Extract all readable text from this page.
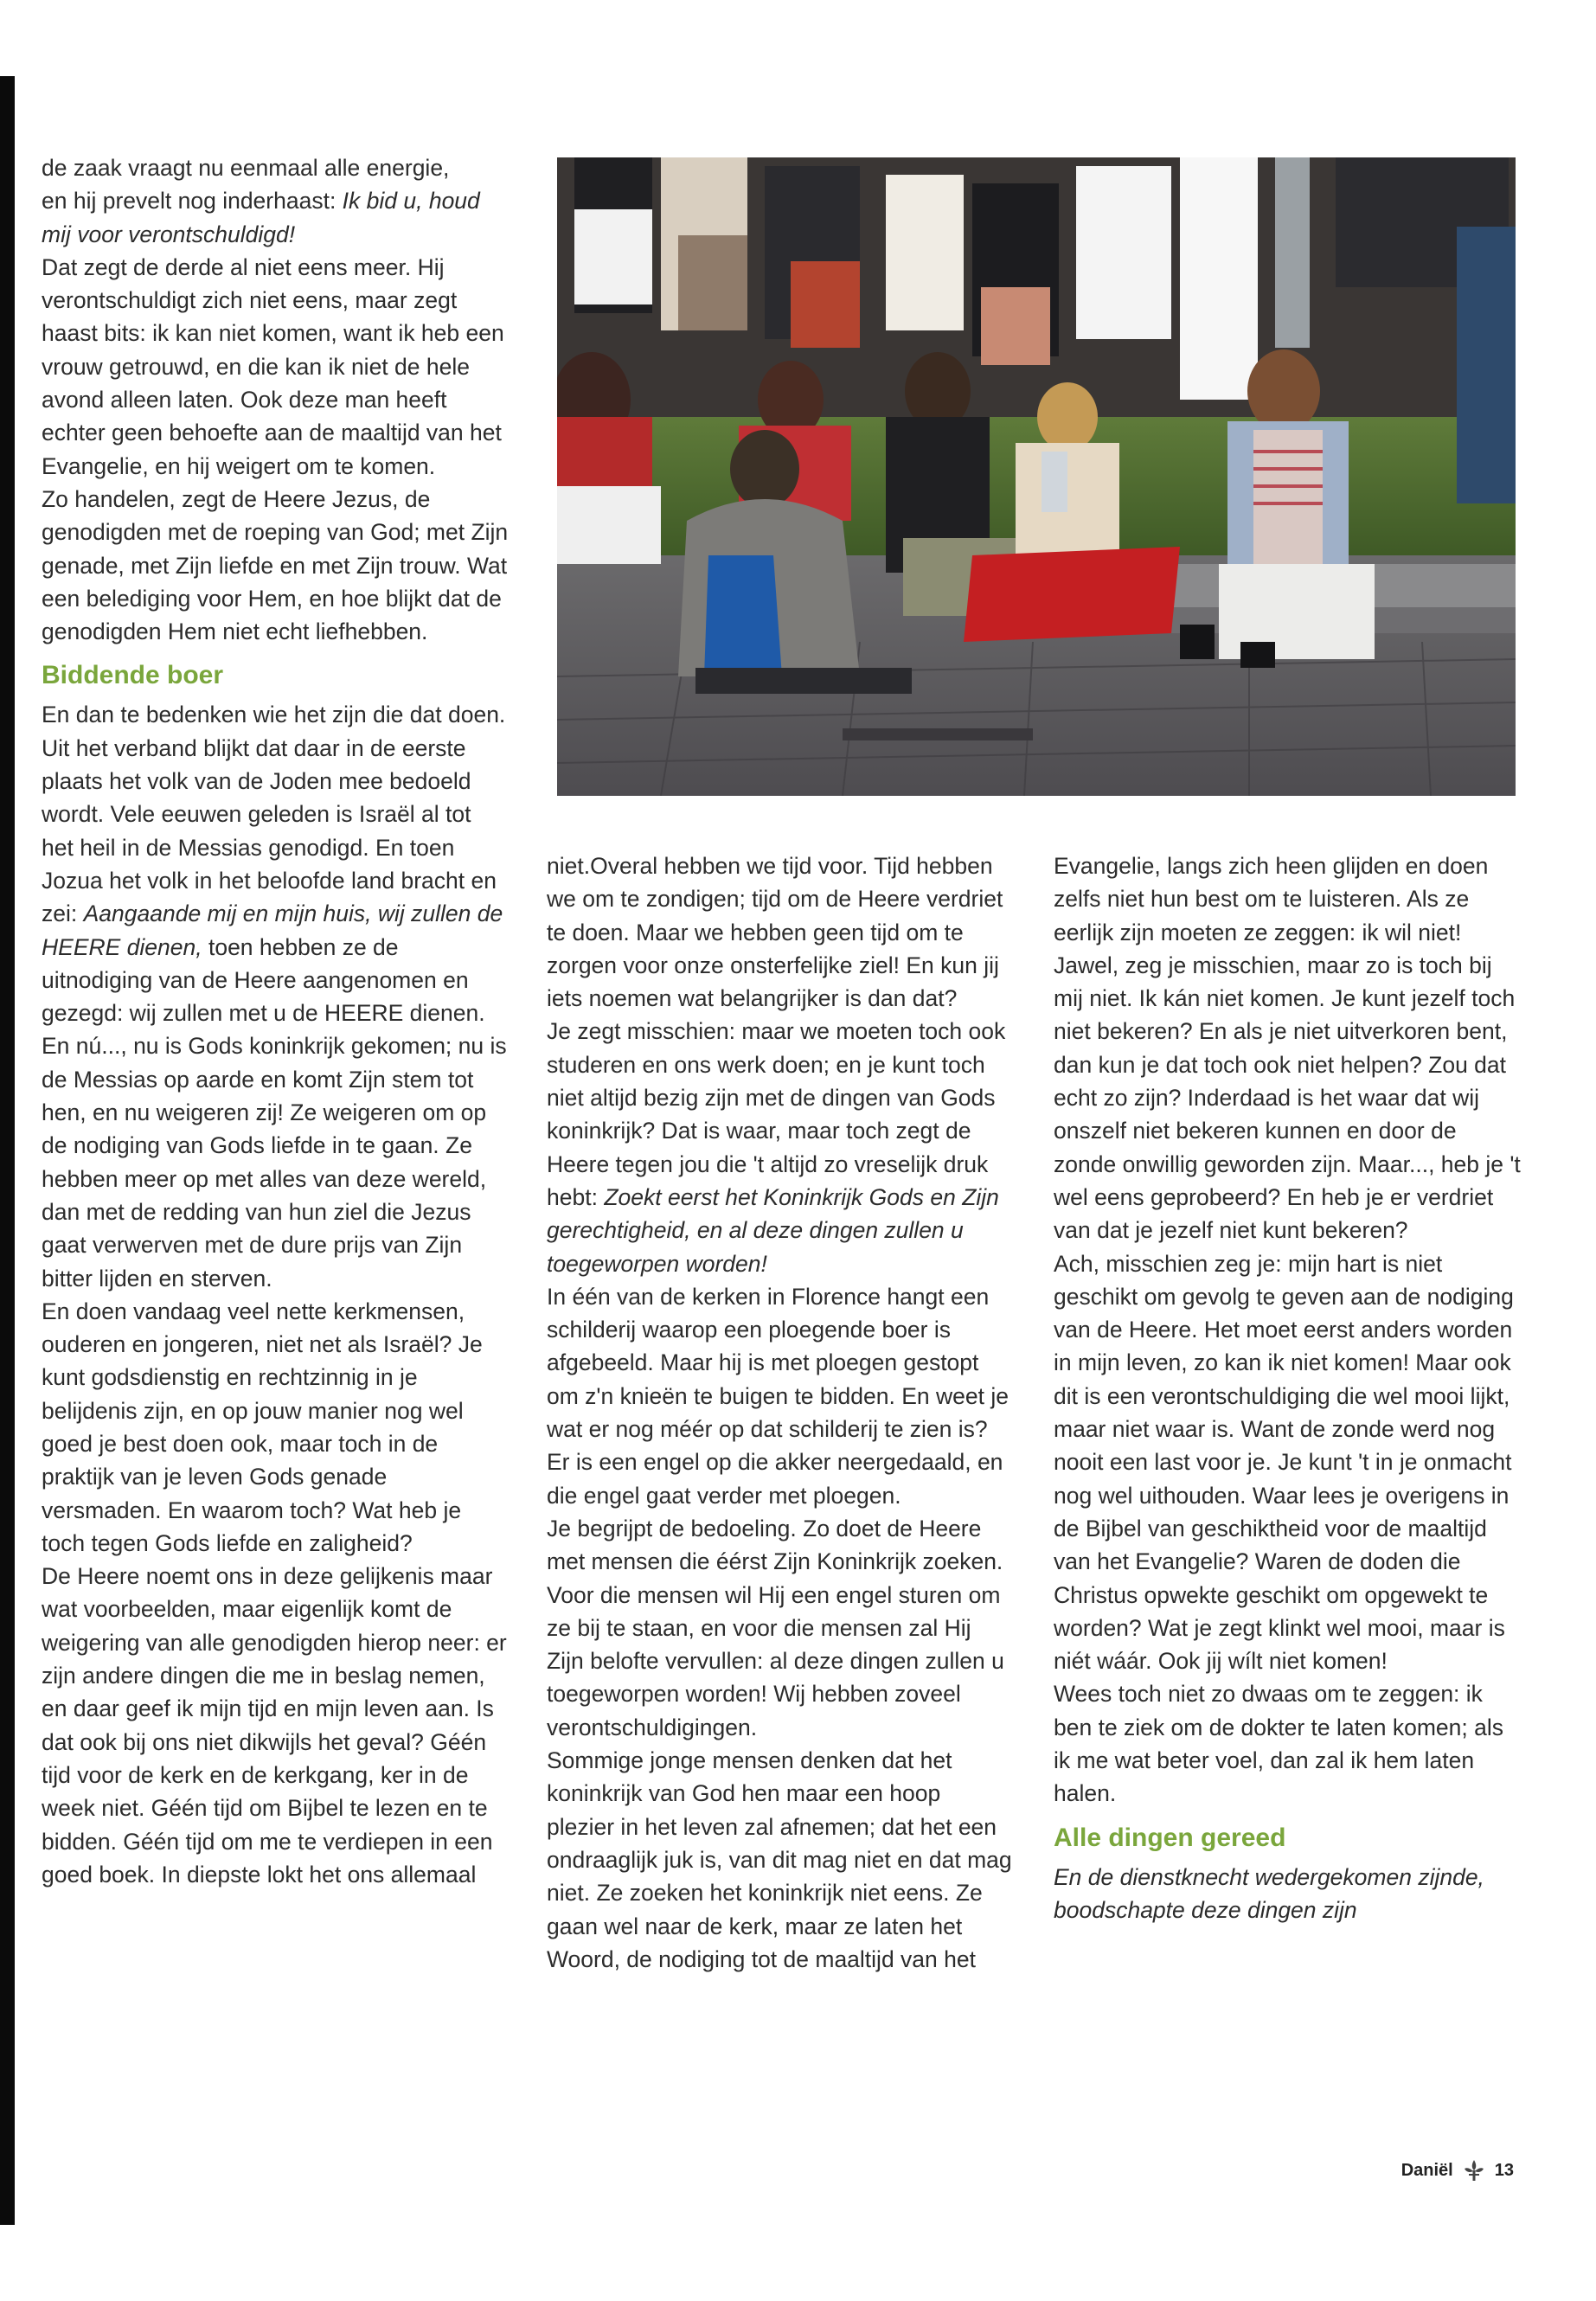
de zaak vraagt nu eenmaal alle energie,
en hij prevelt nog inderhaast: Ik bid u, houd mij voor verontschuldigd!

Dat zegt de derde al niet eens meer. Hij verontschuldigt zich niet eens, maar zegt haast bits: ik kan niet komen, want ik heb een vrouw getrouwd, en die kan ik niet de hele avond alleen laten. Ook deze man heeft echter geen behoefte aan de maaltijd van het Evangelie, en hij weigert om te komen.

Zo handelen, zegt de Heere Jezus, de genodigden met de roeping van God; met Zijn genade, met Zijn liefde en met Zijn trouw. Wat een belediging voor Hem, en hoe blijkt dat de genodigden Hem niet echt liefhebben.

Biddende boer

En dan te bedenken wie het zijn die dat doen. Uit het verband blijkt dat daar in de eerste plaats het volk van de Joden mee bedoeld wordt. Vele eeuwen geleden is Israël al tot het heil in de Messias genodigd. En toen Jozua het volk in het beloofde land bracht en zei: Aangaande mij en mijn huis, wij zullen de HEERE dienen, toen hebben ze de uitnodiging van de Heere aangenomen en gezegd: wij zullen met u de HEERE dienen. En nú..., nu is Gods koninkrijk gekomen; nu is de Messias op aarde en komt Zijn stem tot hen, en nu weigeren zij! Ze weigeren om op de nodiging van Gods liefde in te gaan. Ze hebben meer op met alles van deze wereld, dan met de redding van hun ziel die Jezus gaat verwerven met de dure prijs van Zijn bitter lijden en sterven.

En doen vandaag veel nette kerkmensen, ouderen en jongeren, niet net als Israël? Je kunt godsdienstig en rechtzinnig in je belijdenis zijn, en op jouw manier nog wel goed je best doen ook, maar toch in de praktijk van je leven Gods genade versmaden. En waarom toch? Wat heb je toch tegen Gods liefde en zaligheid?

De Heere noemt ons in deze gelijkenis maar wat voorbeelden, maar eigenlijk komt de weigering van alle genodigden hierop neer: er zijn andere dingen die me in beslag nemen, en daar geef ik mijn tijd en mijn leven aan. Is dat ook bij ons niet dikwijls het geval? Géén tijd voor de kerk en de kerkgang, ker in de week niet. Géén tijd om Bijbel te lezen en te bidden. Géén tijd om me te verdiepen in een goed boek. In diepste lokt het ons allemaal

niet.Overal hebben we tijd voor. Tijd hebben we om te zondigen; tijd om de Heere verdriet te doen. Maar we hebben geen tijd om te zorgen voor onze onsterfelijke ziel! En kun jij iets noemen wat belangrijker is dan dat?

Je zegt misschien: maar we moeten toch ook studeren en ons werk doen; en je kunt toch niet altijd bezig zijn met de dingen van Gods koninkrijk? Dat is waar, maar toch zegt de Heere tegen jou die 't altijd zo vreselijk druk hebt: Zoekt eerst het Koninkrijk Gods en Zijn gerechtigheid, en al deze dingen zullen u toegeworpen worden!

In één van de kerken in Florence hangt een schilderij waarop een ploegende boer is afgebeeld. Maar hij is met ploegen gestopt om z'n knieën te buigen te bidden. En weet je wat er nog méér op dat schilderij te zien is? Er is een engel op die akker neergedaald, en die engel gaat verder met ploegen.

Je begrijpt de bedoeling. Zo doet de Heere met mensen die éérst Zijn Koninkrijk zoeken. Voor die mensen wil Hij een engel sturen om ze bij te staan, en voor die mensen zal Hij Zijn belofte vervullen: al deze dingen zullen u toegeworpen worden! Wij hebben zoveel verontschuldigingen.

Sommige jonge mensen denken dat het koninkrijk van God hen maar een hoop plezier in het leven zal afnemen; dat het een ondraaglijk juk is, van dit mag niet en dat mag niet. Ze zoeken het koninkrijk niet eens. Ze gaan wel naar de kerk, maar ze laten het Woord, de nodiging tot de maaltijd van het

Evangelie, langs zich heen glijden en doen zelfs niet hun best om te luisteren. Als ze eerlijk zijn moeten ze zeggen: ik wil niet!

Jawel, zeg je misschien, maar zo is toch bij mij niet. Ik kán niet komen. Je kunt jezelf toch niet bekeren? En als je niet uitverkoren bent, dan kun je dat toch ook niet helpen? Zou dat echt zo zijn? Inderdaad is het waar dat wij onszelf niet bekeren kunnen en door de zonde onwillig geworden zijn. Maar..., heb je 't wel eens geprobeerd? En heb je er verdriet van dat je jezelf niet kunt bekeren?

Ach, misschien zeg je: mijn hart is niet geschikt om gevolg te geven aan de nodiging van de Heere. Het moet eerst anders worden in mijn leven, zo kan ik niet komen! Maar ook dit is een verontschuldiging die wel mooi lijkt, maar niet waar is. Want de zonde werd nog nooit een last voor je. Je kunt 't in je onmacht nog wel uithouden. Waar lees je overigens in de Bijbel van geschiktheid voor de maaltijd van het Evangelie? Waren de doden die Christus opwekte geschikt om opgewekt te worden? Wat je zegt klinkt wel mooi, maar is niét wáár. Ook jij wílt niet komen!

Wees toch niet zo dwaas om te zeggen: ik ben te ziek om de dokter te laten komen; als ik me wat beter voel, dan zal ik hem laten halen.

Alle dingen gereed

En de dienstknecht wedergekomen zijnde, boodschapte deze dingen zijn

Daniël 13
